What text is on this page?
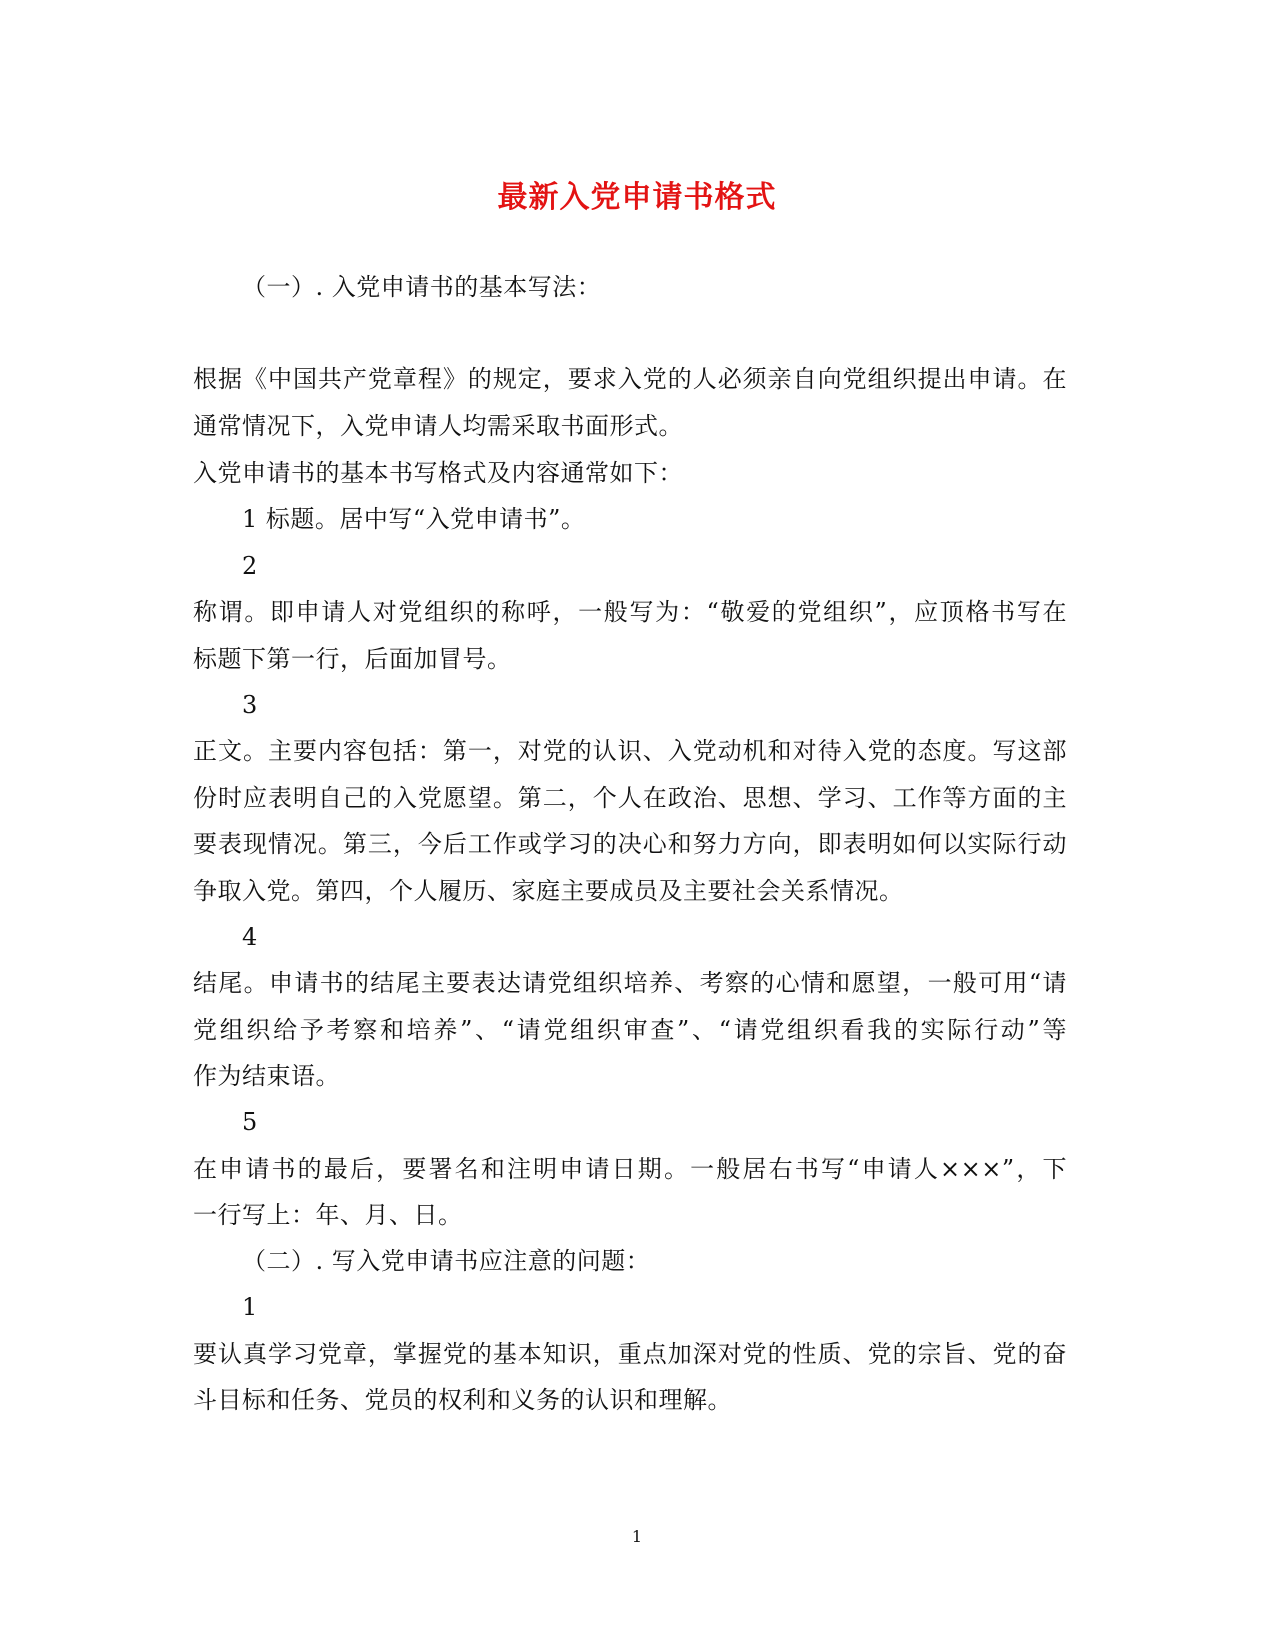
最新入党申请书格式
（一）. 入党申请书的基本写法：
根据《中国共产党章程》的规定，要求入党的人必须亲自向党组织提出申请。在
通常情况下，入党申请人均需采取书面形式。
入党申请书的基本书写格式及内容通常如下：
1 标题。居中写“入党申请书”。
2
称谓。即申请人对党组织的称呼，一般写为：“敬爱的党组织”，应顶格书写在
标题下第一行，后面加冒号。
3
正文。主要内容包括：第一，对党的认识、入党动机和对待入党的态度。写这部
份时应表明自己的入党愿望。第二，个人在政治、思想、学习、工作等方面的主
要表现情况。第三，今后工作或学习的决心和努力方向，即表明如何以实际行动
争取入党。第四，个人履历、家庭主要成员及主要社会关系情况。
4
结尾。申请书的结尾主要表达请党组织培养、考察的心情和愿望，一般可用“请
党组织给予考察和培养”、“请党组织审查”、“请党组织看我的实际行动”等
作为结束语。
5
在申请书的最后，要署名和注明申请日期。一般居右书写“申请人×××”，下
一行写上：年、月、日。
（二）. 写入党申请书应注意的问题：
1
要认真学习党章，掌握党的基本知识，重点加深对党的性质、党的宗旨、党的奋
斗目标和任务、党员的权利和义务的认识和理解。
1
